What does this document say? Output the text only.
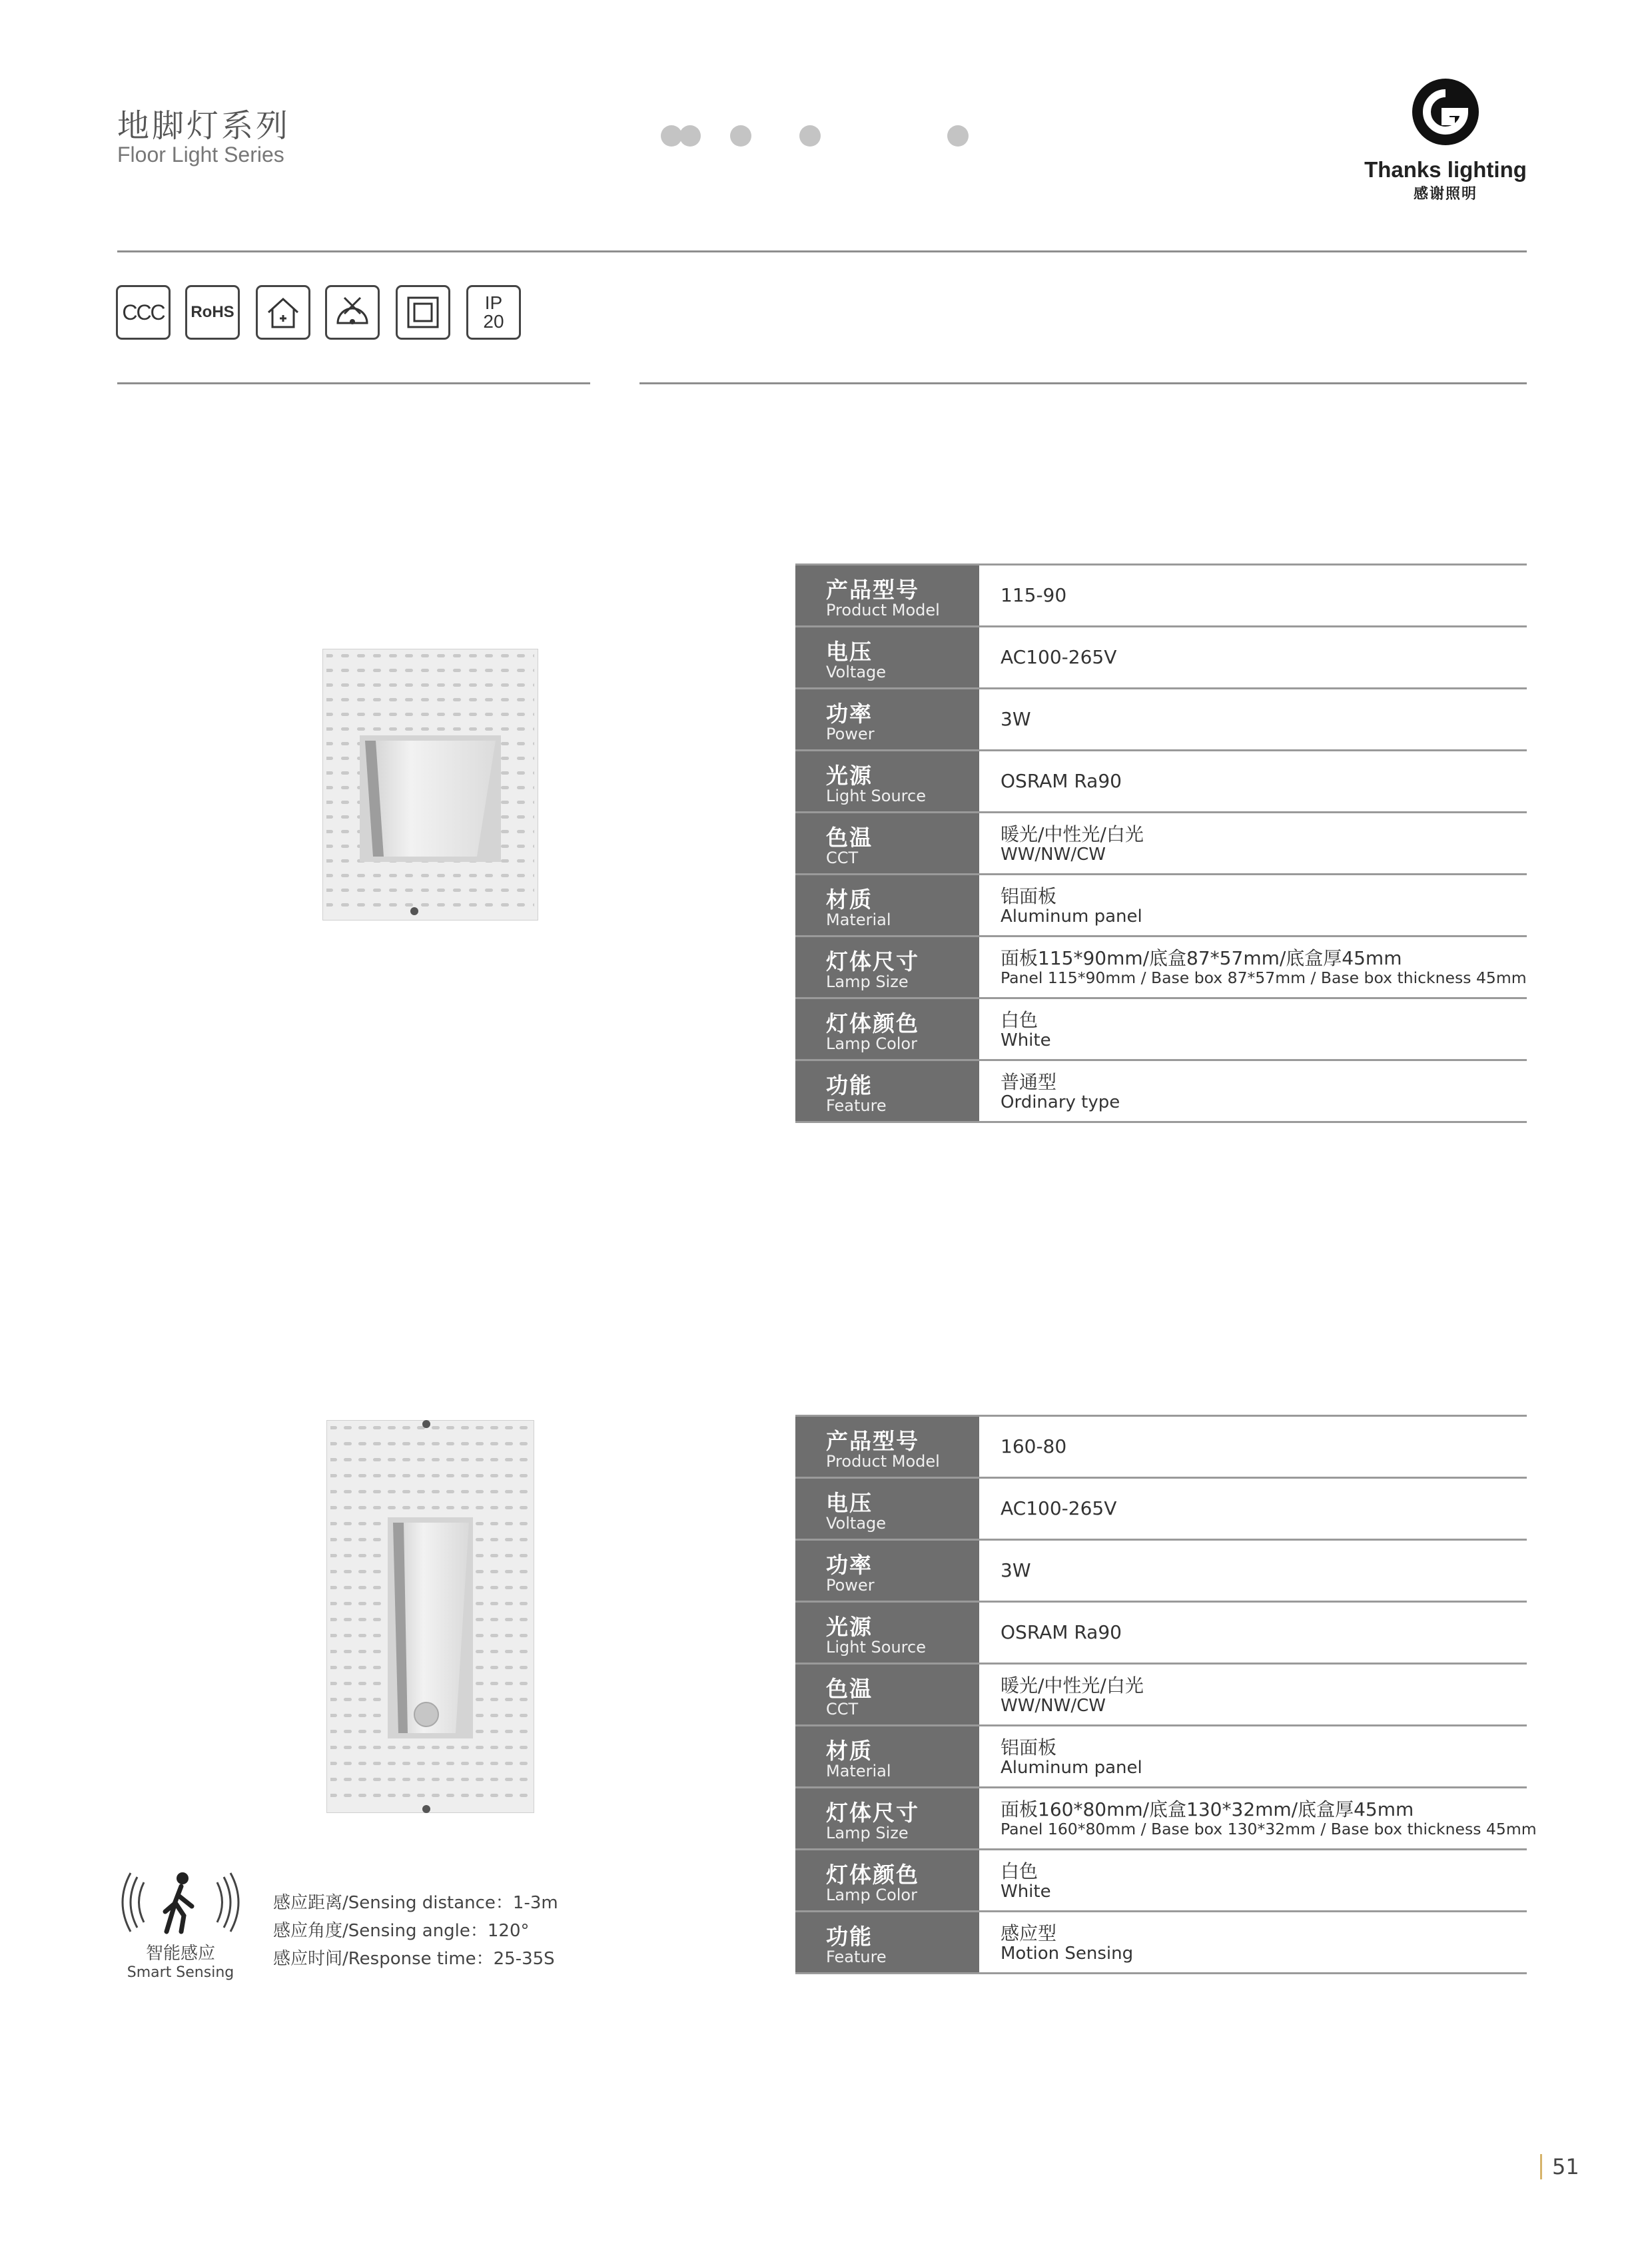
地脚灯系列
Floor Light Series
Thanks lighting
感谢照明
CCC RoHS	IP 20
产品型号
Product Model
115-90
电压
Voltage
AC100-265V
功率
Power
3W
光源
Light Source
OSRAM Ra90
色温
CCT
暖光/中性光/白光
WW/NW/CW
材质
Material
铝面板
Aluminum panel
灯体尺寸
Lamp Size
面板115*90mm/底盒87*57mm/底盒厚45mm
Panel 115*90mm / Base box 87*57mm / Base box thickness 45mm
灯体颜色
Lamp Color
白色
White
功能
Feature
普通型
Ordinary type
产品型号
Product Model
160-80
电压
Voltage
AC100-265V
功率
Power
3W
光源
Light Source
OSRAM Ra90
色温
CCT
暖光/中性光/白光
WW/NW/CW
材质
Material
铝面板
Aluminum panel
灯体尺寸
Lamp Size
面板160*80mm/底盒130*32mm/底盒厚45mm
Panel 160*80mm / Base box 130*32mm / Base box thickness 45mm
灯体颜色
Lamp Color
白色
White
功能
Feature
感应型
Motion Sensing
智能感应
Smart Sensing
感应距离/Sensing distance：1-3m
感应角度/Sensing angle：120°
感应时间/Response time：25-35S
51
